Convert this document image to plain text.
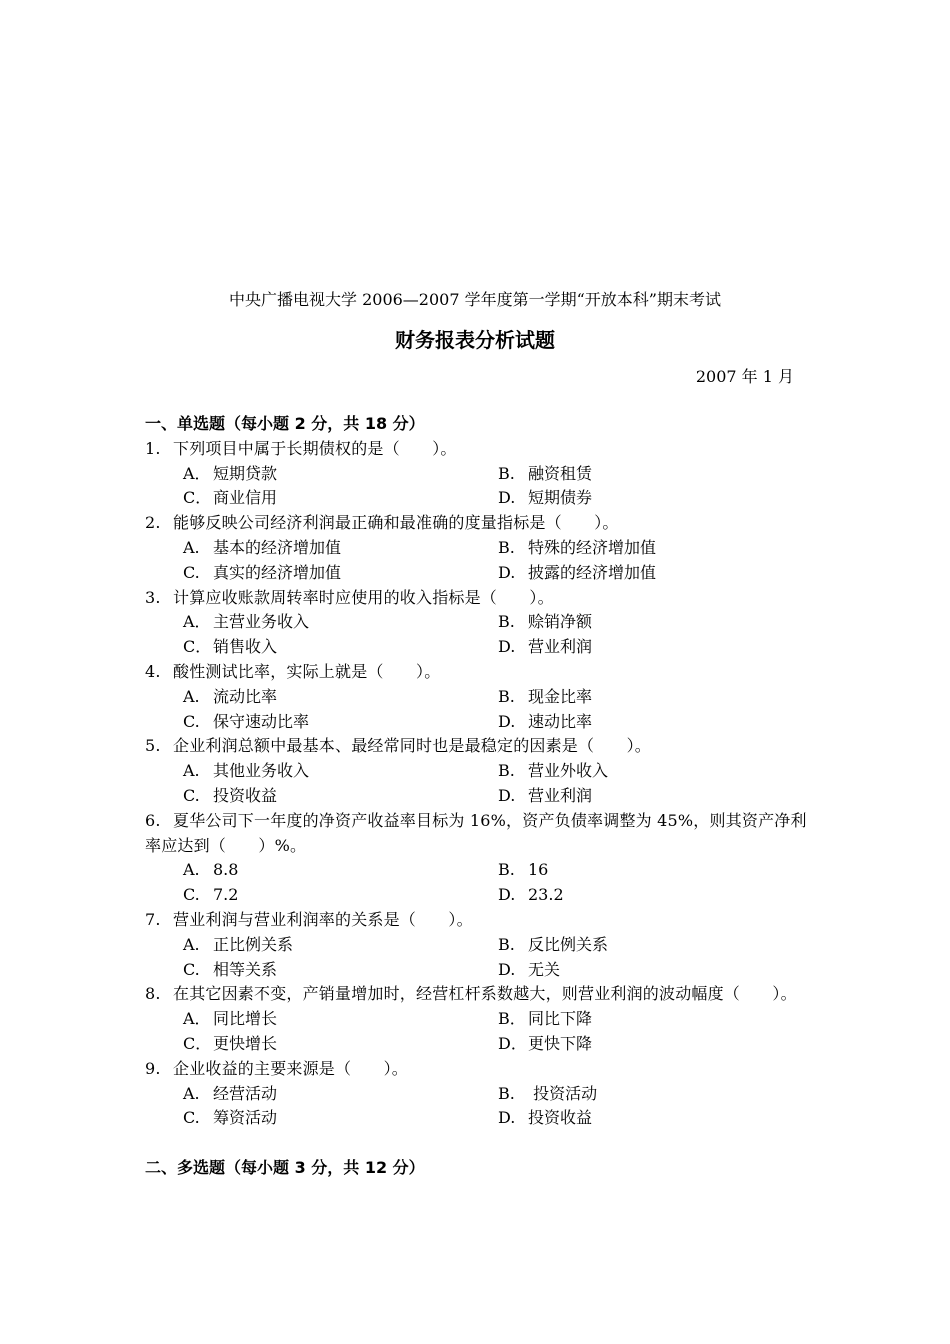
中央广播电视大学 2006—2007 学年度第一学期“开放本科”期末考试
财务报表分析试题
2007 年 1 月
一、单选题（每小题 2 分，共 18 分）
1. 下列项目中属于长期债权的是（　　）。
A． 短期贷款	B. 融资租赁
C． 商业信用	D. 短期债券
2. 能够反映公司经济利润最正确和最准确的度量指标是（　　）。
A. 基本的经济增加值	B. 特殊的经济增加值
C. 真实的经济增加值	D. 披露的经济增加值
3. 计算应收账款周转率时应使用的收入指标是（　　）。
A． 主营业务收入	B. 赊销净额
C． 销售收入	D. 营业利润
4. 酸性测试比率，实际上就是（　　）。
A. 流动比率	B. 现金比率
C. 保守速动比率	D. 速动比率
5. 企业利润总额中最基本、最经常同时也是最稳定的因素是（　　）。
A. 其他业务收入	B. 营业外收入
C. 投资收益	D. 营业利润
6. 夏华公司下一年度的净资产收益率目标为 16%，资产负债率调整为 45%，则其资产净利率应达到（　　）%。
A. 8.8	B. 16
C. 7.2	D. 23.2
7. 营业利润与营业利润率的关系是（　　）。
A. 正比例关系	B. 反比例关系
C. 相等关系	D. 无关
8. 在其它因素不变，产销量增加时，经营杠杆系数越大，则营业利润的波动幅度（　　）。
A． 同比增长	B． 同比下降
C． 更快增长	D．更快下降
9. 企业收益的主要来源是（　　）。
A. 经营活动	B. 投资活动
C. 筹资活动	D. 投资收益
二、多选题（每小题 3 分，共 12 分）
